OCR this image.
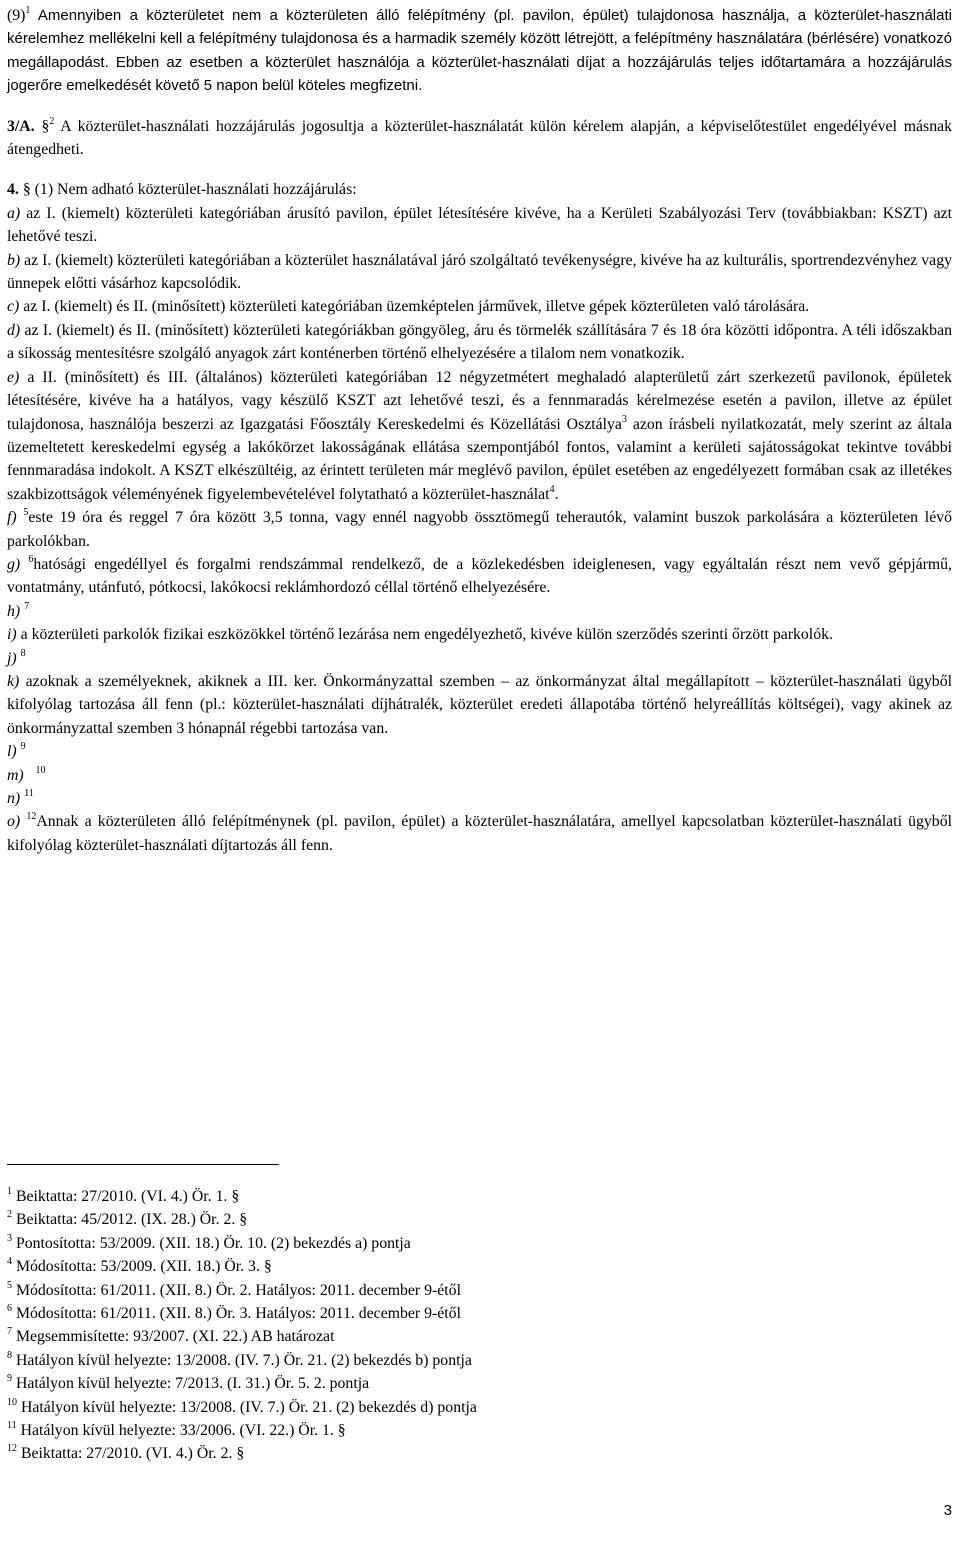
$(9)^1$ Amennyiben a közterületet nem a közterületen álló felépítmény (pl. pavilon, épület) tulajdonosa használja, a közterület-használati kérelemhez mellékelni kell a felépítmény tulajdonosa és a harmadik személy között létrejött, a felépítmény használatára (bérlésére) vonatkozó megállapodást. Ebben az esetben a közterület használója a közterület-használati díjat a hozzájárulás teljes időtartamára a hozzájárulás jogerőre emelkedését követő 5 napon belül köteles megfizetni.

3/A. §$^2$ A közterület-használati hozzájárulás jogosultja a közterület-használatát külön kérelem alapján, a képviselőtestület engedélyével másnak átengedheti.

4. § (1) Nem adható közterület-használati hozzájárulás:

a) az I. (kiemelt) közterületi kategóriában árusító pavilon, épület létesítésére kivéve, ha a Kerületi Szabályozási Terv (továbbiakban: KSZT) azt lehetővé teszi.

b) az I. (kiemelt) közterületi kategóriában a közterület használatával járó szolgáltató tevékenységre, kivéve ha az kulturális, sportrendezvényhez vagy ünnepek előtti vásárhoz kapcsolódik.

c) az I. (kiemelt) és II. (minősített) közterületi kategóriában üzemképtelen járművek, illetve gépek közterületen való tárolására.

d) az I. (kiemelt) és II. (minősített) közterületi kategóriákban göngyöleg, áru és törmelék szállítására 7 és 18 óra közötti időpontra. A téli időszakban a síkosság mentesítésre szolgáló anyagok zárt konténerben történő elhelyezésére a tilalom nem vonatkozik.

e) a II. (minősített) és III. (általános) közterületi kategóriában 12 négyzetmétert meghaladó alapterületű zárt szerkezetű pavilonok, épületek létesítésére, kivéve ha a hatályos, vagy készülő KSZT azt lehetővé teszi, és a fennmaradás kérelmezése esetén a pavilon, illetve az épület tulajdonosa, használója beszerzi az Igazgatási Főosztály Kereskedelmi és Közellátási Osztálya$^3$ azon írásbeli nyilatkozatát, mely szerint az általa üzemeltetett kereskedelmi egység a lakókörzet lakosságának ellátása szempontjából fontos, valamint a kerületi sajátosságokat tekintve további fennmaradása indokolt. A KSZT elkészültéig, az érintett területen már meglévő pavilon, épület esetében az engedélyezett formában csak az illetékes szakbizottságok véleményének figyelembevételével folytatható a közterület-használat$^4$.

f) $^5$este 19 óra és reggel 7 óra között 3,5 tonna, vagy ennél nagyobb össztömegű teherautók, valamint buszok parkolására a közterületen lévő parkolókban.

g) $^6$hatósági engedéllyel és forgalmi rendszámmal rendelkező, de a közlekedésben ideiglenesen, vagy egyáltalán részt nem vevő gépjármű, vontatmány, utánfutó, pótkocsi, lakókocsi reklámhordozó céllal történő elhelyezésére.

h) $^7$

i) a közterületi parkolók fizikai eszközökkel történő lezárása nem engedélyezhető, kivéve külön szerződés szerinti őrzött parkolók.

j) $^8$

k) azoknak a személyeknek, akiknek a III. ker. Önkormányzattal szemben – az önkormányzat által megállapított – közterület-használati ügyből kifolyólag tartozása áll fenn (pl.: közterület-használati díjhátralék, közterület eredeti állapotába történő helyreállítás költségei), vagy akinek az önkormányzattal szemben 3 hónapnál régebbi tartozása van.

l) $^9$

m) $^{10}$

n) $^{11}$

o) $^{12}$Annak a közterületen álló felépítménynek (pl. pavilon, épület) a közterület-használatára, amellyel kapcsolatban közterület-használati ügyből kifolyólag közterület-használati díjtartozás áll fenn.

$^1$ Beiktatta: 27/2010. (VI. 4.) Ör. 1. §
$^2$ Beiktatta: 45/2012. (IX. 28.) Ör. 2. §
$^3$ Pontosította: 53/2009. (XII. 18.) Ör. 10. (2) bekezdés a) pontja
$^4$ Módosította: 53/2009. (XII. 18.) Ör. 3. §
$^5$ Módosította: 61/2011. (XII. 8.) Ör. 2. Hatályos: 2011. december 9-étől
$^6$ Módosította: 61/2011. (XII. 8.) Ör. 3. Hatályos: 2011. december 9-étől
$^7$ Megsemmisítette: 93/2007. (XI. 22.) AB határozat
$^8$ Hatályon kívül helyezte: 13/2008. (IV. 7.) Ör. 21. (2) bekezdés b) pontja
$^9$ Hatályon kívül helyezte: 7/2013. (I. 31.) Ör. 5. 2. pontja
$^{10}$ Hatályon kívül helyezte: 13/2008. (IV. 7.) Ör. 21. (2) bekezdés d) pontja
$^{11}$ Hatályon kívül helyezte: 33/2006. (VI. 22.) Ör. 1. §
$^{12}$ Beiktatta: 27/2010. (VI. 4.) Ör. 2. §
3
